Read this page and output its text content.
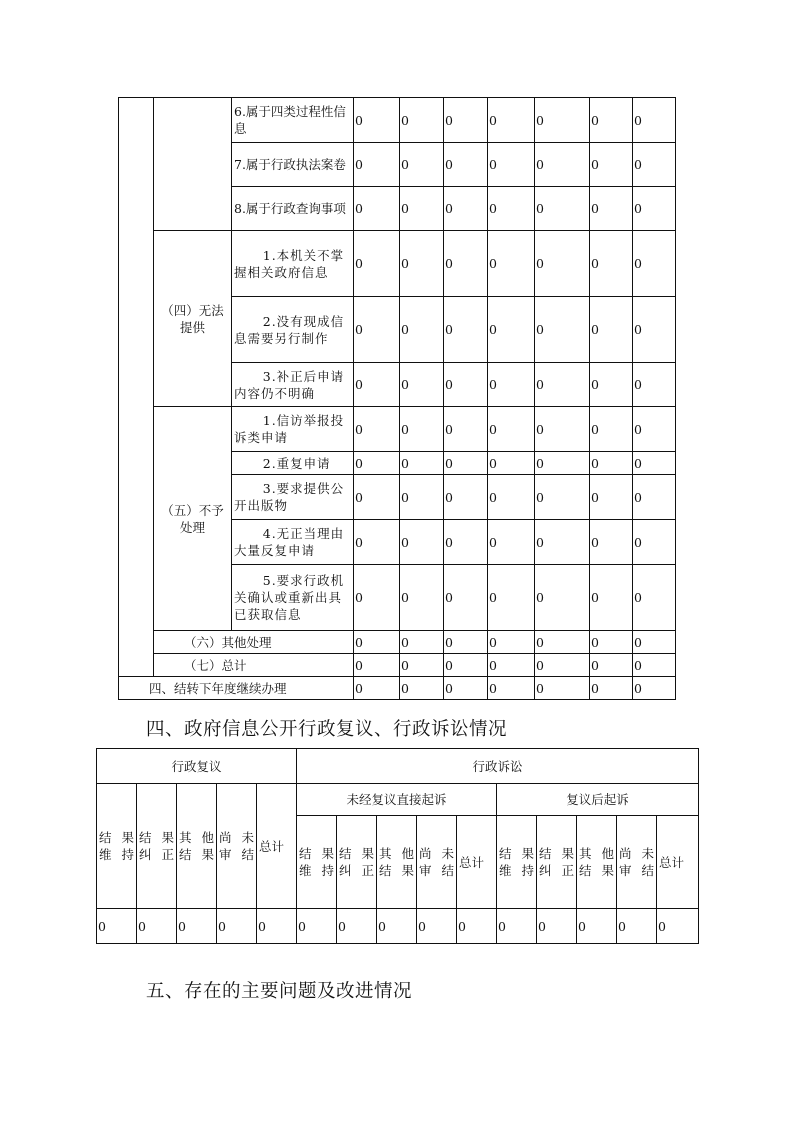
		6.属于四类过程性信息	0	0	0	0	0	0	0
		7.属于行政执法案卷	0	0	0	0	0	0	0
		8.属于行政查询事项	0	0	0	0	0	0	0
	（四）无法提供	1.本机关不掌握相关政府信息	0	0	0	0	0	0	0
		2.没有现成信息需要另行制作	0	0	0	0	0	0	0
		3.补正后申请内容仍不明确	0	0	0	0	0	0	0
	（五）不予处理	1.信访举报投诉类申请	0	0	0	0	0	0	0
		2.重复申请	0	0	0	0	0	0	0
		3.要求提供公开出版物	0	0	0	0	0	0	0
		4.无正当理由大量反复申请	0	0	0	0	0	0	0
		5.要求行政机关确认或重新出具已获取信息	0	0	0	0	0	0	0
	（六）其他处理		0	0	0	0	0	0	0
	（七）总计		0	0	0	0	0	0	0
四、结转下年度继续办理			0	0	0	0	0	0	0
四、政府信息公开行政复议、行政诉讼情况
行政复议					行政诉讼									
结果维持	结果纠正	其他结果	尚未审结	总计	未经复议直接起诉					复议后起诉				
					结果维持	结果纠正	其他结果	尚未审结	总计	结果维持	结果纠正	其他结果	尚未审结	总计
0	0	0	0	0	0	0	0	0	0	0	0	0	0	0
五、存在的主要问题及改进情况
